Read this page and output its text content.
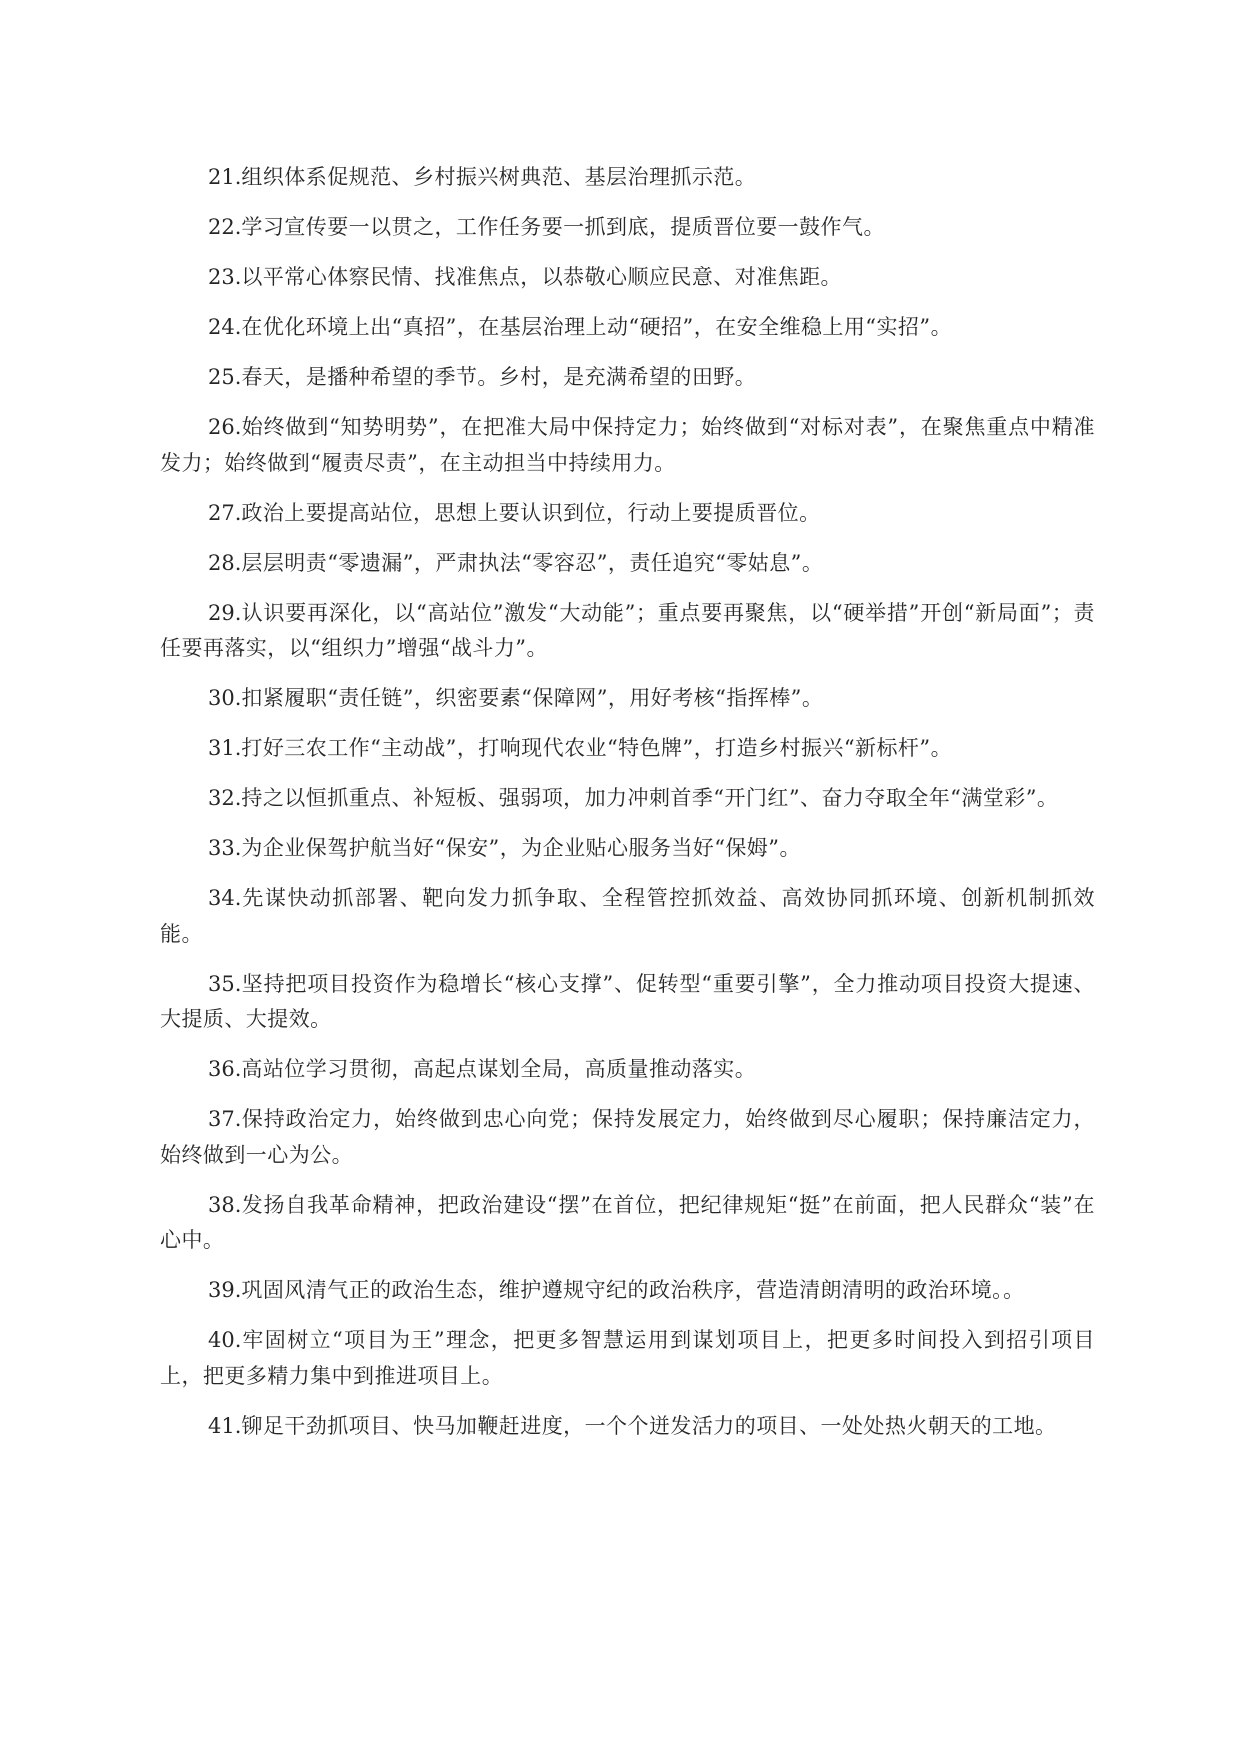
21.组织体系促规范、乡村振兴树典范、基层治理抓示范。

22.学习宣传要一以贯之，工作任务要一抓到底，提质晋位要一鼓作气。

23.以平常心体察民情、找准焦点，以恭敬心顺应民意、对准焦距。

24.在优化环境上出“真招”，在基层治理上动“硬招”，在安全维稳上用“实招”。

25.春天，是播种希望的季节。乡村，是充满希望的田野。

26.始终做到“知势明势”，在把准大局中保持定力；始终做到“对标对表”，在聚焦重点中精准发力；始终做到“履责尽责”，在主动担当中持续用力。

27.政治上要提高站位，思想上要认识到位，行动上要提质晋位。

28.层层明责“零遗漏”，严肃执法“零容忍”，责任追究“零姑息”。

29.认识要再深化，以“高站位”激发“大动能”；重点要再聚焦，以“硬举措”开创“新局面”；责任要再落实，以“组织力”增强“战斗力”。

30.扣紧履职“责任链”，织密要素“保障网”，用好考核“指挥棒”。

31.打好三农工作“主动战”，打响现代农业“特色牌”，打造乡村振兴“新标杆”。

32.持之以恒抓重点、补短板、强弱项，加力冲刺首季“开门红”、奋力夺取全年“满堂彩”。

33.为企业保驾护航当好“保安”，为企业贴心服务当好“保姆”。

34.先谋快动抓部署、靶向发力抓争取、全程管控抓效益、高效协同抓环境、创新机制抓效能。

35.坚持把项目投资作为稳增长“核心支撑”、促转型“重要引擎”，全力推动项目投资大提速、大提质、大提效。

36.高站位学习贯彻，高起点谋划全局，高质量推动落实。

37.保持政治定力，始终做到忠心向党；保持发展定力，始终做到尽心履职；保持廉洁定力，始终做到一心为公。

38.发扬自我革命精神，把政治建设“摆”在首位，把纪律规矩“挺”在前面，把人民群众“装”在心中。

39.巩固风清气正的政治生态，维护遵规守纪的政治秩序，营造清朗清明的政治环境。。

40.牢固树立“项目为王”理念，把更多智慧运用到谋划项目上，把更多时间投入到招引项目上，把更多精力集中到推进项目上。

41.铆足干劲抓项目、快马加鞭赶进度，一个个迸发活力的项目、一处处热火朝天的工地。
